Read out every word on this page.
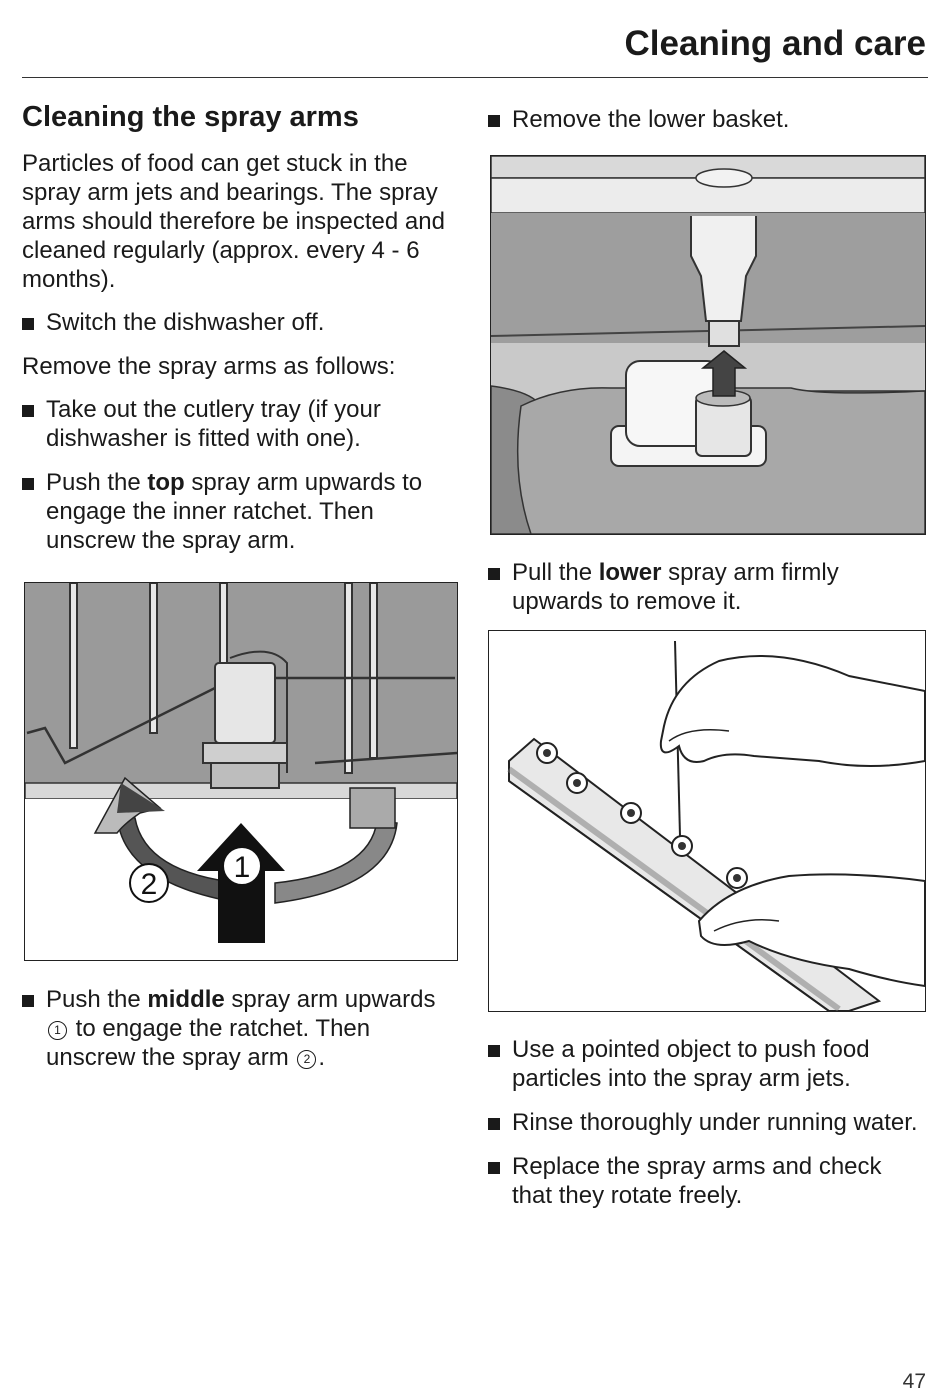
Cleaning and care
Cleaning the spray arms

Particles of food can get stuck in the spray arm jets and bearings. The spray arms should therefore be inspected and cleaned regularly (approx. every 4 - 6 months).

Switch the dishwasher off.

Remove the spray arms as follows:

Take out the cutlery tray (if your dishwasher is fitted with one).
Push the top spray arm upwards to engage the inner ratchet. Then unscrew the spray arm.
1
2
Push the middle spray arm upwards 1 to engage the ratchet. Then unscrew the spray arm 2 .
Remove the lower basket.
Pull the lower spray arm firmly upwards to remove it.
Use a pointed object to push food particles into the spray arm jets.
Rinse thoroughly under running water.
Replace the spray arms and check that they rotate freely.
47
